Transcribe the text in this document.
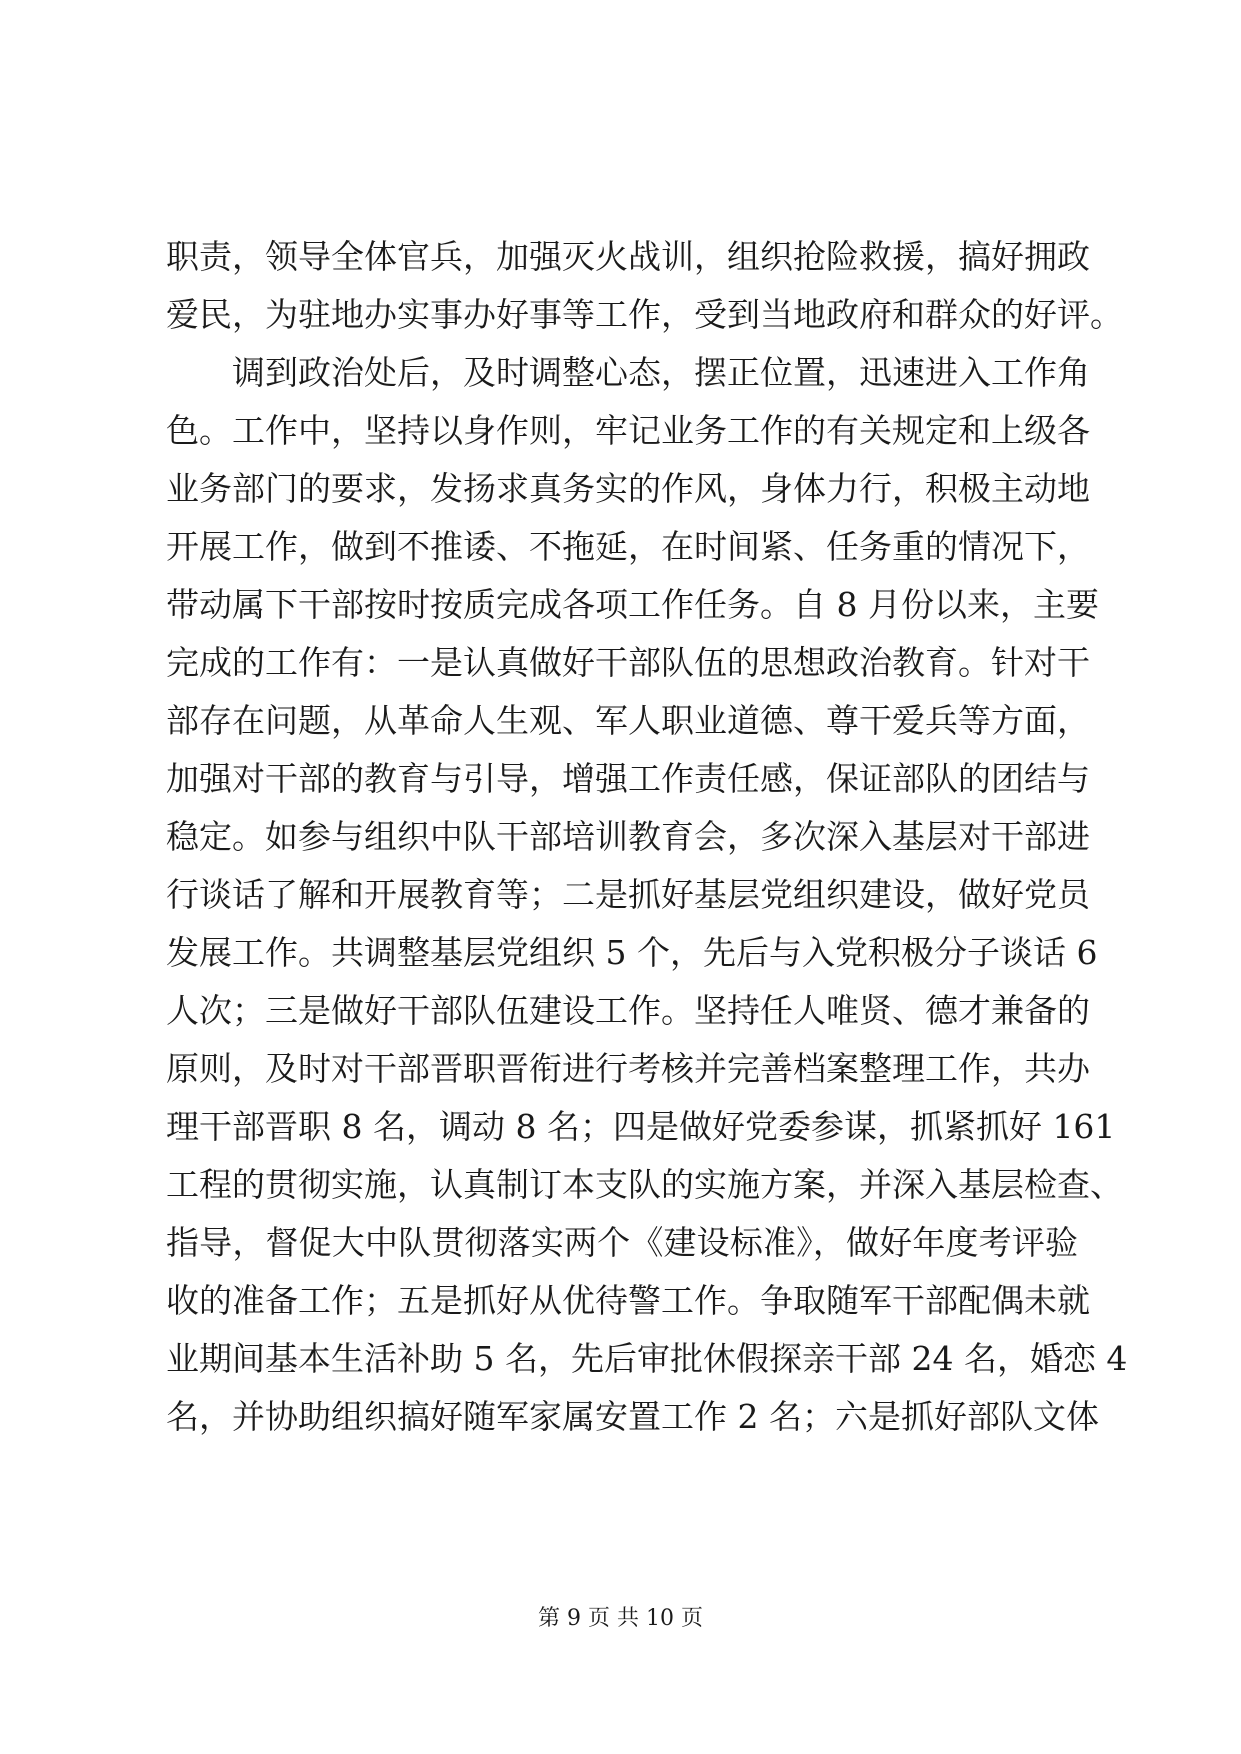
职责，领导全体官兵，加强灭火战训，组织抢险救援，搞好拥政
爱民，为驻地办实事办好事等工作，受到当地政府和群众的好评。
　　调到政治处后，及时调整心态，摆正位置，迅速进入工作角
色。工作中，坚持以身作则，牢记业务工作的有关规定和上级各
业务部门的要求，发扬求真务实的作风，身体力行，积极主动地
开展工作，做到不推诿、不拖延，在时间紧、任务重的情况下，
带动属下干部按时按质完成各项工作任务。自 8 月份以来，主要
完成的工作有：一是认真做好干部队伍的思想政治教育。针对干
部存在问题，从革命人生观、军人职业道德、尊干爱兵等方面，
加强对干部的教育与引导，增强工作责任感，保证部队的团结与
稳定。如参与组织中队干部培训教育会，多次深入基层对干部进
行谈话了解和开展教育等；二是抓好基层党组织建设，做好党员
发展工作。共调整基层党组织 5 个，先后与入党积极分子谈话 6
人次；三是做好干部队伍建设工作。坚持任人唯贤、德才兼备的
原则，及时对干部晋职晋衔进行考核并完善档案整理工作，共办
理干部晋职 8 名，调动 8 名；四是做好党委参谋，抓紧抓好 161
工程的贯彻实施，认真制订本支队的实施方案，并深入基层检查、
指导，督促大中队贯彻落实两个《建设标准》，做好年度考评验
收的准备工作；五是抓好从优待警工作。争取随军干部配偶未就
业期间基本生活补助 5 名，先后审批休假探亲干部 24 名，婚恋 4
名，并协助组织搞好随军家属安置工作 2 名；六是抓好部队文体
第 9 页 共 10 页
